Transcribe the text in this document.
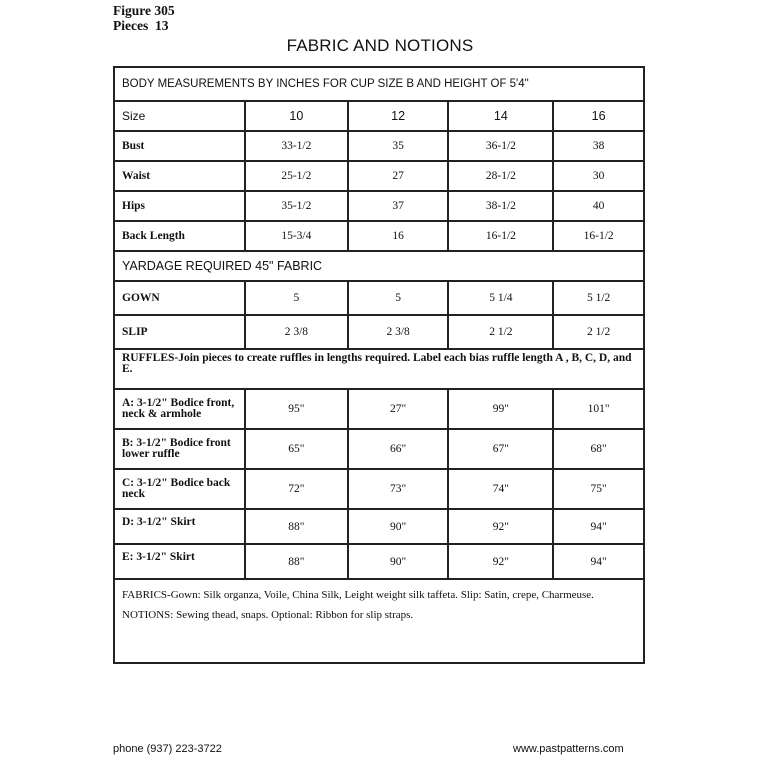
Figure 305
Pieces  13
FABRIC AND NOTIONS
BODY MEASUREMENTS BY INCHES FOR CUP SIZE B AND HEIGHT OF 5'4"				
Size	10	12	14	16
Bust	33-1/2	35	36-1/2	38
Waist	25-1/2	27	28-1/2	30
Hips	35-1/2	37	38-1/2	40
Back Length	15-3/4	16	16-1/2	16-1/2
YARDAGE REQUIRED 45" FABRIC				
GOWN	5	5	5 1/4	5 1/2
SLIP	2 3/8	2 3/8	2 1/2	2 1/2
RUFFLES-Join pieces to create ruffles in lengths required. Label each bias ruffle length A , B, C, D, and E.				
A: 3-1/2" Bodice front, neck & armhole	95"	27"	99"	101"
B: 3-1/2" Bodice front lower ruffle	65"	66"	67"	68"
C: 3-1/2" Bodice back neck	72"	73"	74"	75"
D: 3-1/2" Skirt	88"	90"	92"	94"
E: 3-1/2" Skirt	88"	90"	92"	94"

FABRICS-Gown: Silk organza, Voile, China Silk, Leight weight silk taffeta. Slip: Satin, crepe, Charmeuse.
NOTIONS: Sewing thead, snaps. Optional: Ribbon for slip straps.				
phone (937) 223-3722	www.pastpatterns.com
